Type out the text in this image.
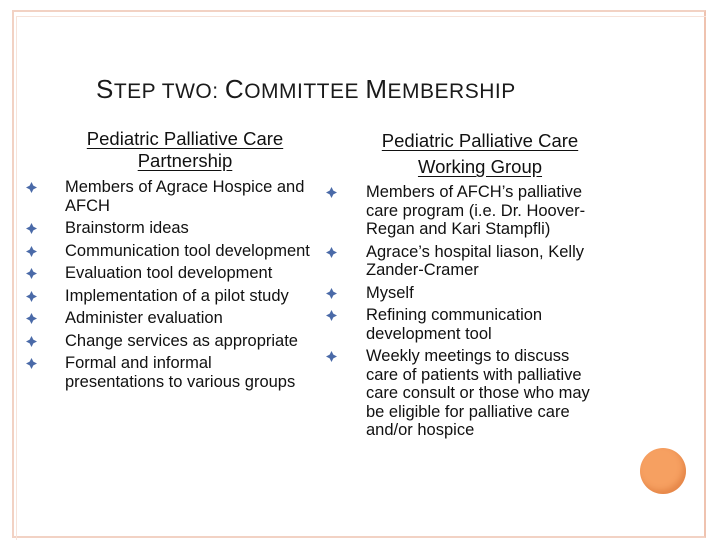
STEP TWO: COMMITTEE MEMBERSHIP
Pediatric Palliative Care
Partnership
Pediatric Palliative Care
Working Group
Members of Agrace Hospice and AFCH
Brainstorm ideas
Communication tool development
Evaluation tool development
Implementation of a pilot study
Administer evaluation
Change services as appropriate
Formal and informal presentations to various groups
Members of AFCH’s palliative care program (i.e. Dr. Hoover-Regan and Kari Stampfli)
Agrace’s hospital liason, Kelly Zander-Cramer
Myself
Refining communication development tool
Weekly meetings to discuss care of patients with palliative care consult or those who may be eligible for palliative care and/or hospice
